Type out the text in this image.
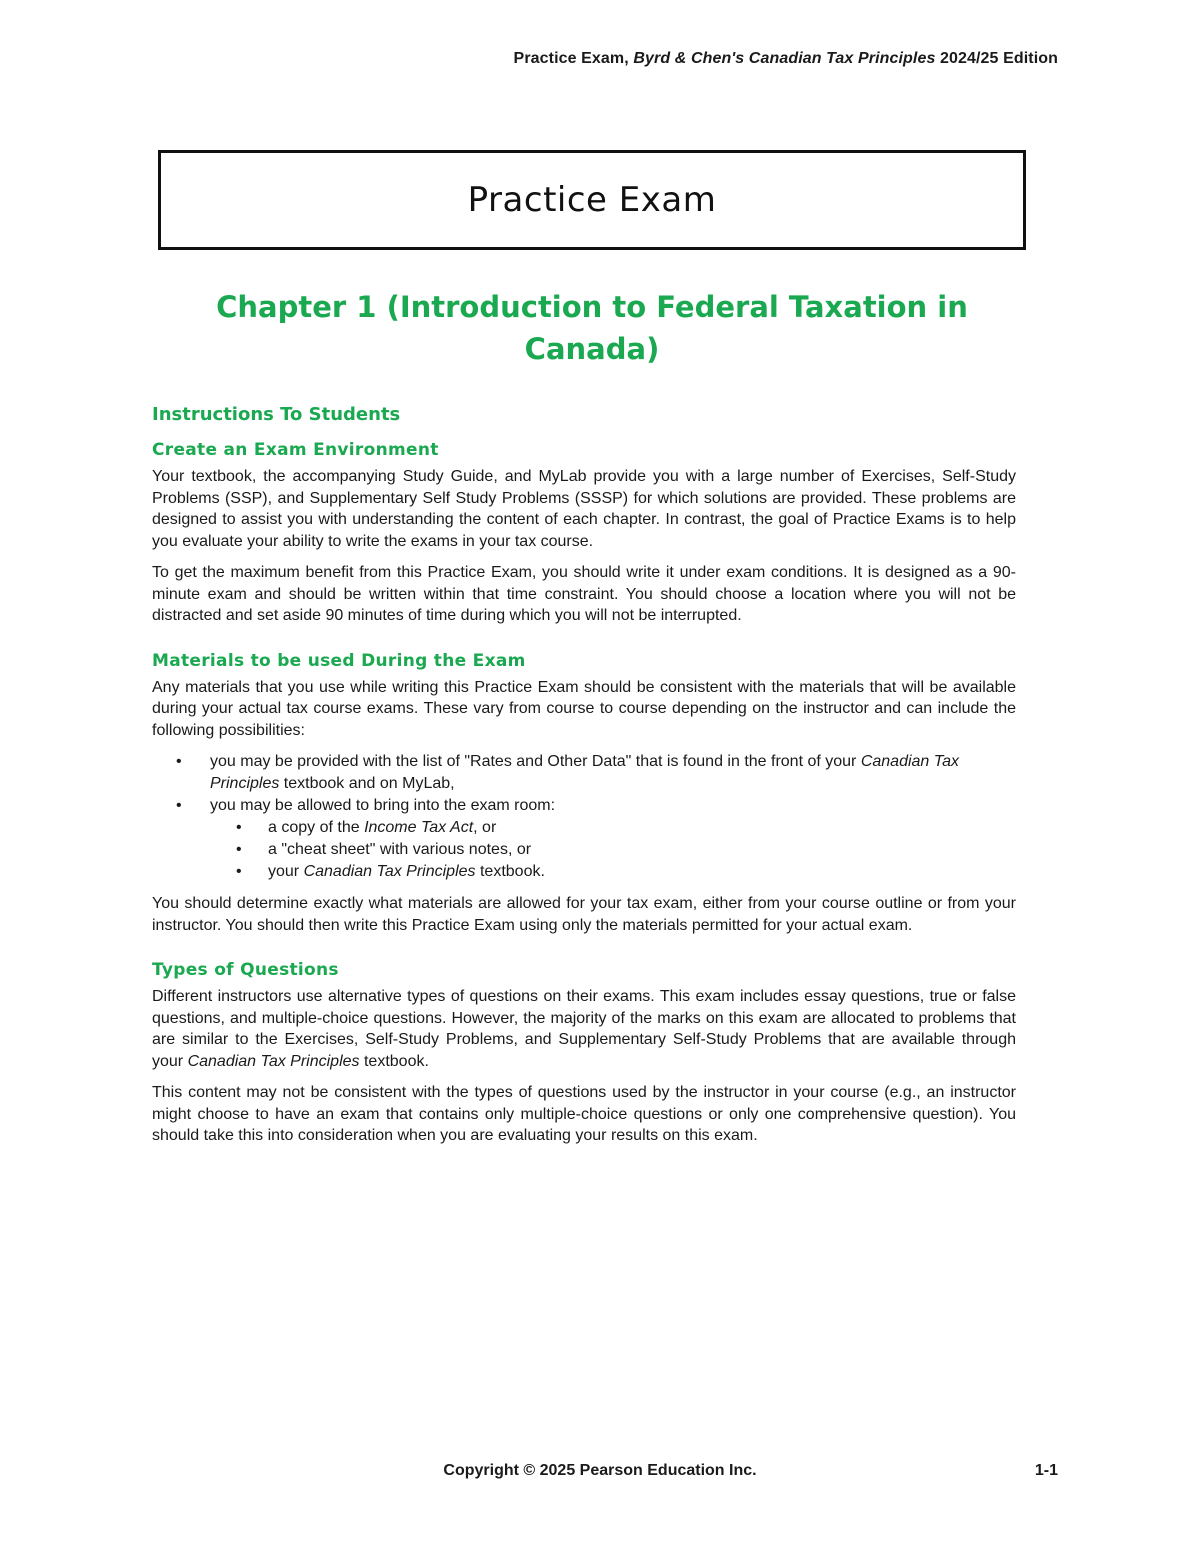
Practice Exam, Byrd & Chen's Canadian Tax Principles 2024/25 Edition
Practice Exam
Chapter 1 (Introduction to Federal Taxation in Canada)
Instructions To Students
Create an Exam Environment

Your textbook, the accompanying Study Guide, and MyLab provide you with a large number of Exercises, Self-Study Problems (SSP), and Supplementary Self Study Problems (SSSP) for which solutions are provided. These problems are designed to assist you with understanding the content of each chapter. In contrast, the goal of Practice Exams is to help you evaluate your ability to write the exams in your tax course.

To get the maximum benefit from this Practice Exam, you should write it under exam conditions. It is designed as a 90-minute exam and should be written within that time constraint. You should choose a location where you will not be distracted and set aside 90 minutes of time during which you will not be interrupted.

Materials to be used During the Exam

Any materials that you use while writing this Practice Exam should be consistent with the materials that will be available during your actual tax course exams. These vary from course to course depending on the instructor and can include the following possibilities:

• you may be provided with the list of "Rates and Other Data" that is found in the front of your Canadian Tax Principles textbook and on MyLab,
• you may be allowed to bring into the exam room:
• a copy of the Income Tax Act, or
• a "cheat sheet" with various notes, or
• your Canadian Tax Principles textbook.

You should determine exactly what materials are allowed for your tax exam, either from your course outline or from your instructor. You should then write this Practice Exam using only the materials permitted for your actual exam.

Types of Questions

Different instructors use alternative types of questions on their exams. This exam includes essay questions, true or false questions, and multiple-choice questions. However, the majority of the marks on this exam are allocated to problems that are similar to the Exercises, Self-Study Problems, and Supplementary Self-Study Problems that are available through your Canadian Tax Principles textbook.

This content may not be consistent with the types of questions used by the instructor in your course (e.g., an instructor might choose to have an exam that contains only multiple-choice questions or only one comprehensive question). You should take this into consideration when you are evaluating your results on this exam.

Copyright © 2025 Pearson Education Inc.	1-1
